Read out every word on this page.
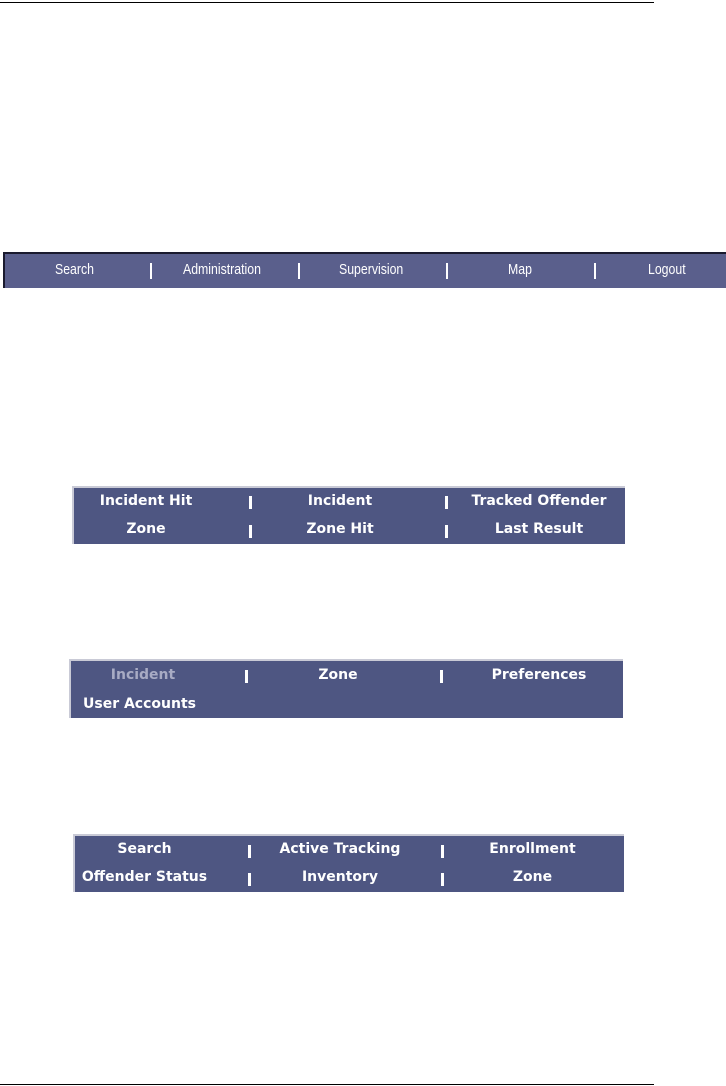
Search	Administration	Supervision	Map	Logout
Incident Hit	Incident	Tracked Offender
Zone	Zone Hit	Last Result
Incident	Zone	Preferences
User Accounts
Search	Active Tracking	Enrollment
Offender Status	Inventory	Zone
